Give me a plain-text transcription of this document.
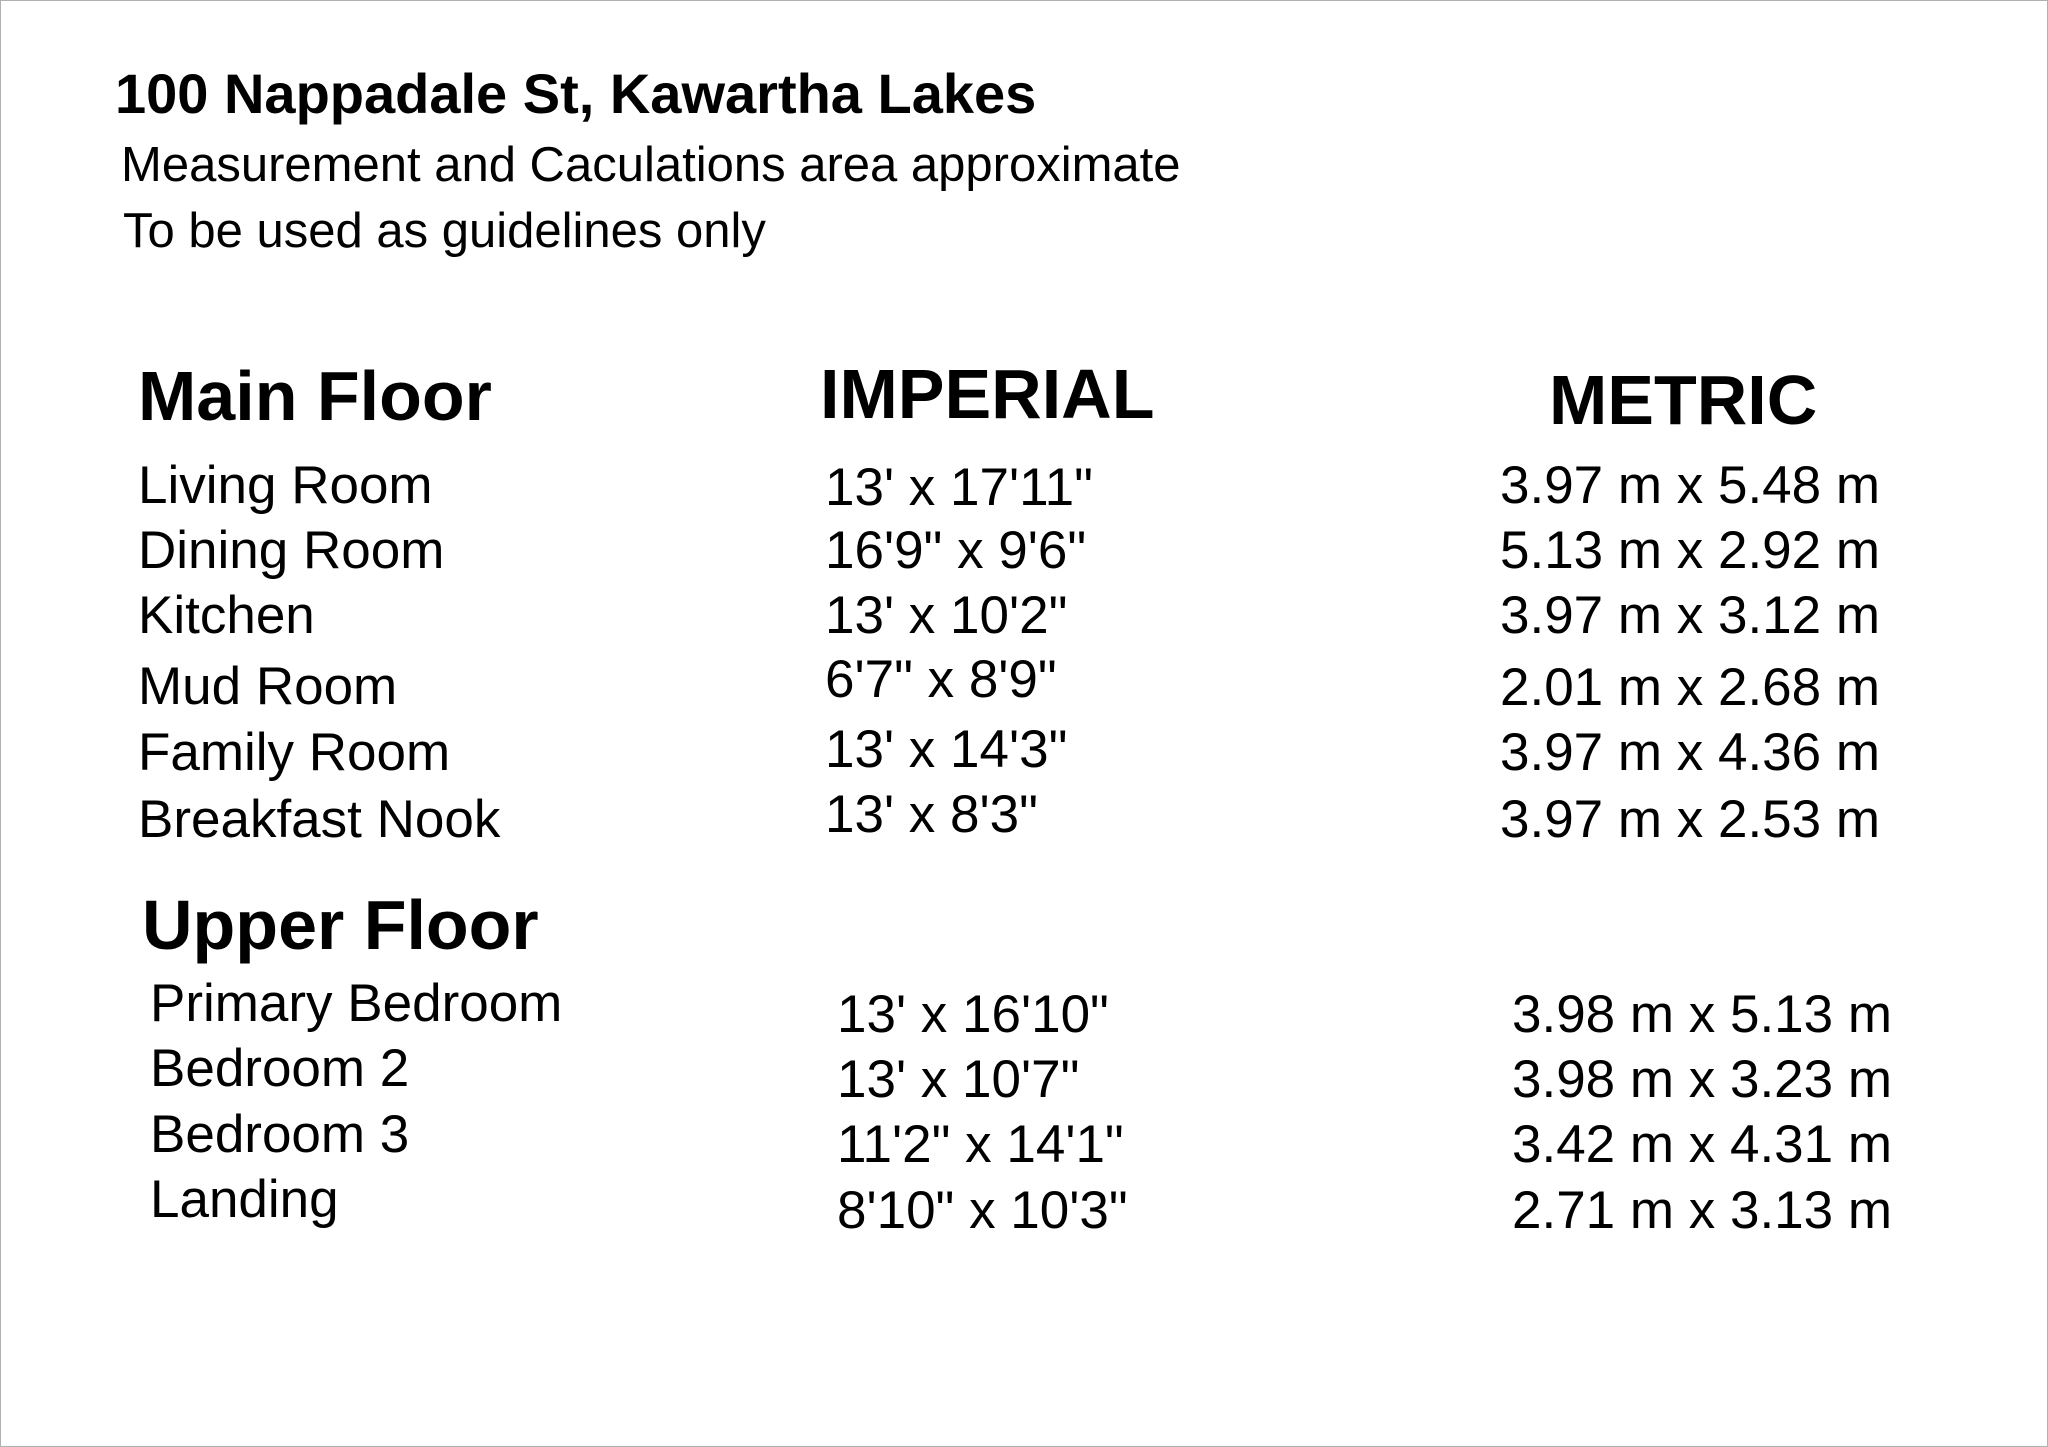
100 Nappadale St, Kawartha Lakes
Measurement and Caculations area approximate
To be used as guidelines only
Main Floor	IMPERIAL	METRIC
Living Room	13' x 17'11"	3.97 m x 5.48 m
Dining Room	16'9" x 9'6"	5.13 m x 2.92 m
Kitchen	13' x 10'2"	3.97 m x 3.12 m
Mud Room	6'7" x 8'9"	2.01 m x 2.68 m
Family Room	13' x 14'3"	3.97 m x 4.36 m
Breakfast Nook	13' x 8'3"	3.97 m x 2.53 m
Upper Floor
Primary Bedroom	13' x 16'10"	3.98 m x 5.13 m
Bedroom 2	13' x 10'7"	3.98 m x 3.23 m
Bedroom 3	11'2" x 14'1"	3.42 m x 4.31 m
Landing	8'10" x 10'3"	2.71 m x 3.13 m
